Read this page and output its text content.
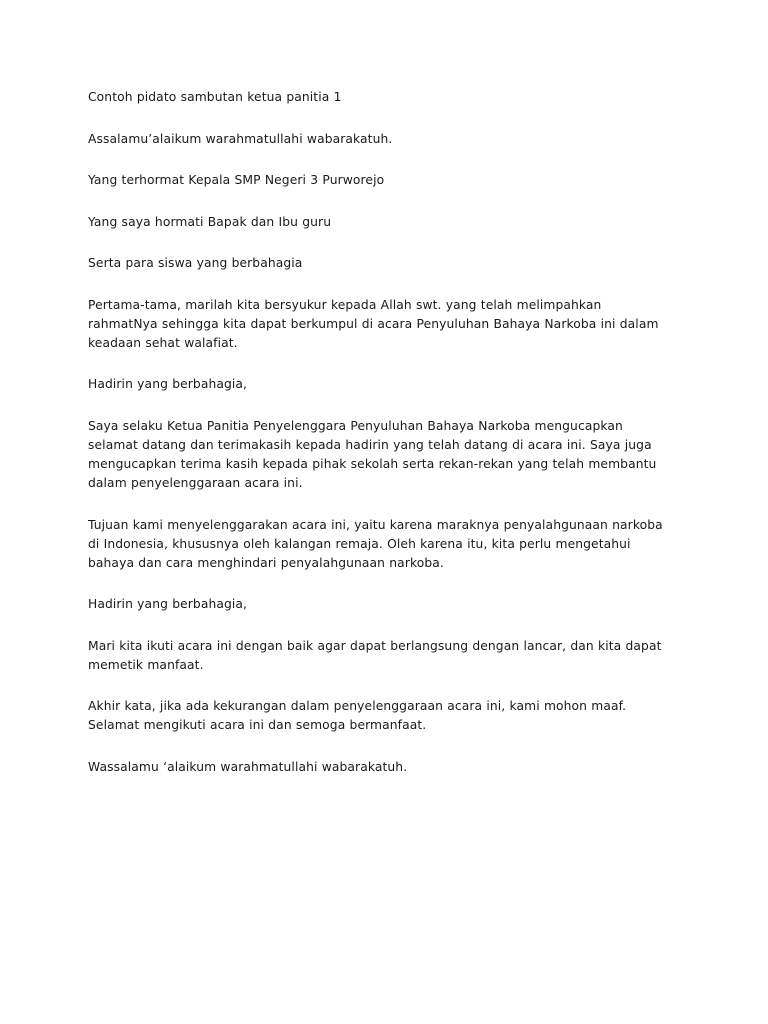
Contoh pidato sambutan ketua panitia 1

Assalamu’alaikum warahmatullahi wabarakatuh.

Yang terhormat Kepala SMP Negeri 3 Purworejo

Yang saya hormati Bapak dan Ibu guru

Serta para siswa yang berbahagia

Pertama-tama, marilah kita bersyukur kepada Allah swt. yang telah melimpahkan rahmatNya sehingga kita dapat berkumpul di acara Penyuluhan Bahaya Narkoba ini dalam keadaan sehat walafiat.

Hadirin yang berbahagia,

Saya selaku Ketua Panitia Penyelenggara Penyuluhan Bahaya Narkoba mengucapkan selamat datang dan terimakasih kepada hadirin yang telah datang di acara ini. Saya juga mengucapkan terima kasih kepada pihak sekolah serta rekan-rekan yang telah membantu dalam penyelenggaraan acara ini.

Tujuan kami menyelenggarakan acara ini, yaitu karena maraknya penyalahgunaan narkoba di Indonesia, khususnya oleh kalangan remaja. Oleh karena itu, kita perlu mengetahui bahaya dan cara menghindari penyalahgunaan narkoba.

Hadirin yang berbahagia,

Mari kita ikuti acara ini dengan baik agar dapat berlangsung dengan lancar, dan kita dapat memetik manfaat.

Akhir kata, jika ada kekurangan dalam penyelenggaraan acara ini, kami mohon maaf. Selamat mengikuti acara ini dan semoga bermanfaat.

Wassalamu ‘alaikum warahmatullahi wabarakatuh.
